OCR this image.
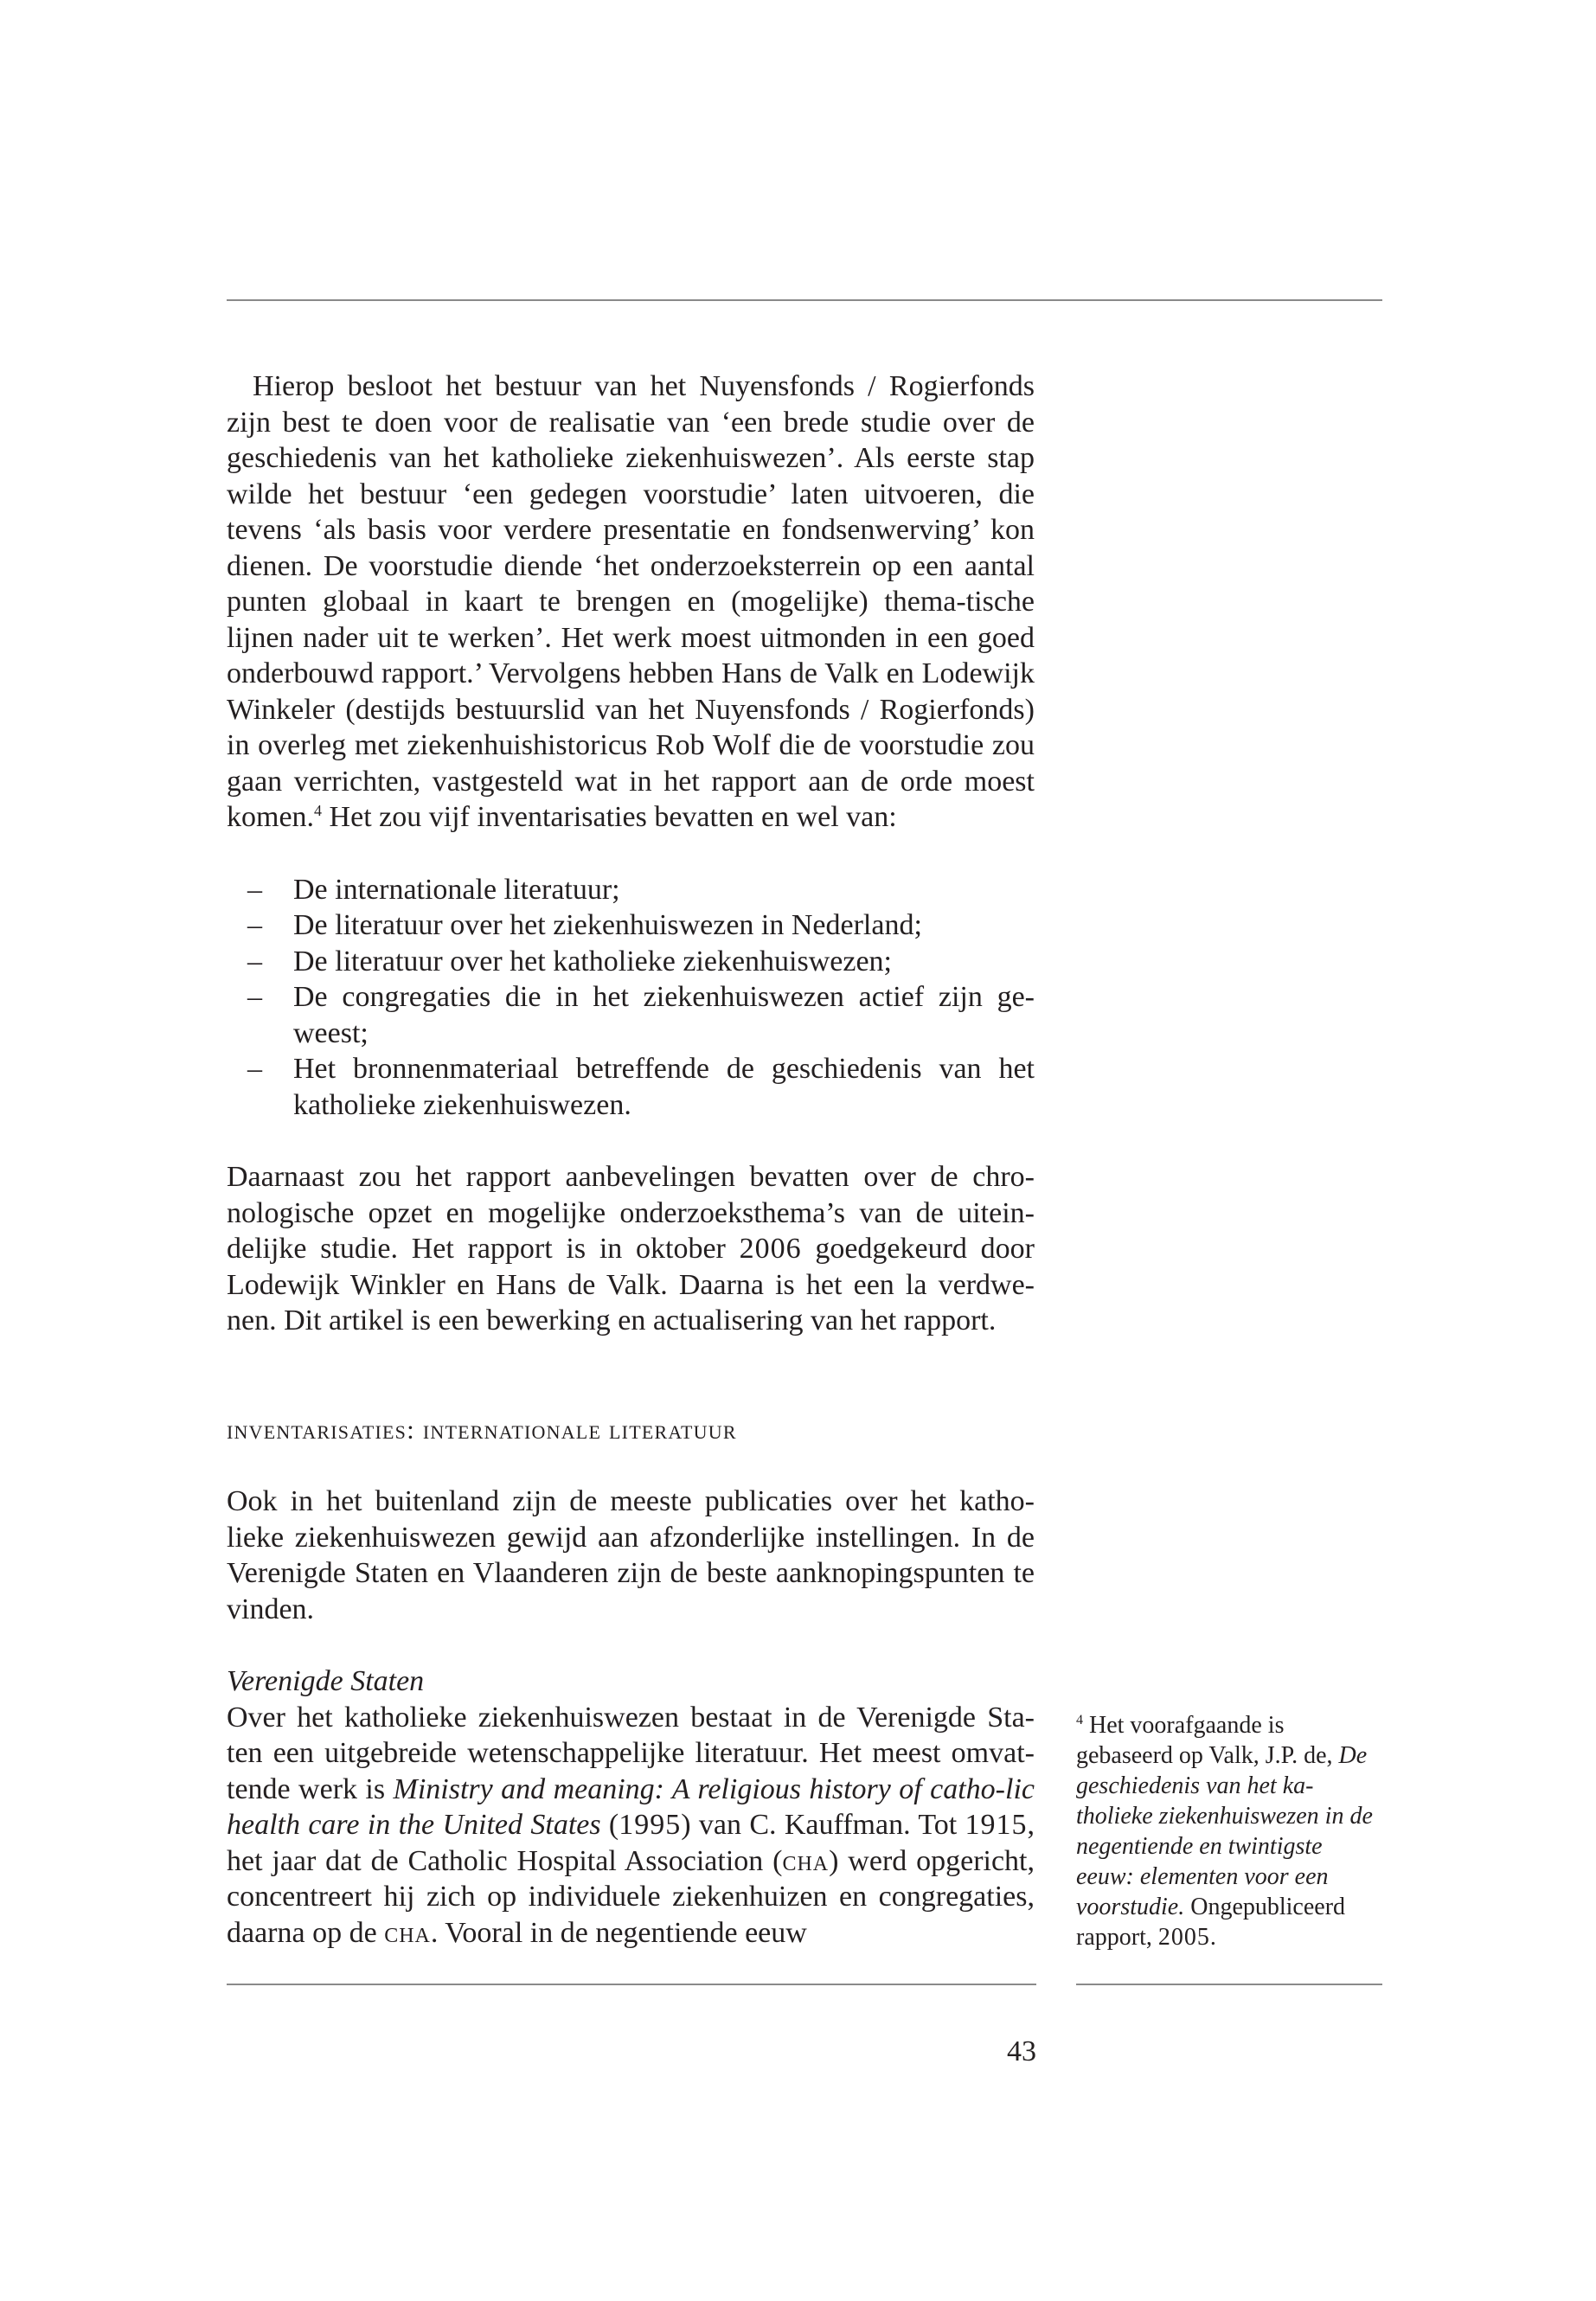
Hierop besloot het bestuur van het Nuyensfonds / Rogierfonds zijn best te doen voor de realisatie van ‘een brede studie over de geschiedenis van het katholieke ziekenhuiswezen’. Als eerste stap wilde het bestuur ‘een gedegen voorstudie’ laten uitvoeren, die tevens ‘als basis voor verdere presentatie en fondsenwerving’ kon dienen. De voorstudie diende ‘het onderzoeksterrein op een aantal punten globaal in kaart te brengen en (mogelijke) thema-tische lijnen nader uit te werken’. Het werk moest uitmonden in een goed onderbouwd rapport.’ Vervolgens hebben Hans de Valk en Lodewijk Winkeler (destijds bestuurslid van het Nuyensfonds / Rogierfonds) in overleg met ziekenhuishistoricus Rob Wolf die de voorstudie zou gaan verrichten, vastgesteld wat in het rapport aan de orde moest komen.$^4$ Het zou vijf inventarisaties bevatten en wel van:

– De internationale literatuur;
– De literatuur over het ziekenhuiswezen in Nederland;
– De literatuur over het katholieke ziekenhuiswezen;
– De congregaties die in het ziekenhuiswezen actief zijn ge-weest;
– Het bronnenmateriaal betreffende de geschiedenis van het katholieke ziekenhuiswezen.

Daarnaast zou het rapport aanbevelingen bevatten over de chro-nologische opzet en mogelijke onderzoeksthema’s van de uitein-delijke studie. Het rapport is in oktober 2006 goedgekeurd door Lodewijk Winkler en Hans de Valk. Daarna is het een la verdwe-nen. Dit artikel is een bewerking en actualisering van het rapport.

inventarisaties: internationale literatuur

Ook in het buitenland zijn de meeste publicaties over het katho-lieke ziekenhuiswezen gewijd aan afzonderlijke instellingen. In de Verenigde Staten en Vlaanderen zijn de beste aanknopingspunten te vinden.

Verenigde Staten

Over het katholieke ziekenhuiswezen bestaat in de Verenigde Sta-ten een uitgebreide wetenschappelijke literatuur. Het meest omvat-tende werk is Ministry and meaning: A religious history of catho-lic health care in the United States (1995) van C. Kauffman. Tot 1915, het jaar dat de Catholic Hospital Association (cha) werd opgericht, concentreert hij zich op individuele ziekenhuizen en congregaties, daarna op de cha. Vooral in de negentiende eeuw

$^4$ Het voorafgaande is gebaseerd op Valk, J.P. de, De geschiedenis van het ka-tholieke ziekenhuiswezen in de negentiende en twintigste eeuw: elementen voor een voorstudie. Ongepubliceerd rapport, 2005.
43
